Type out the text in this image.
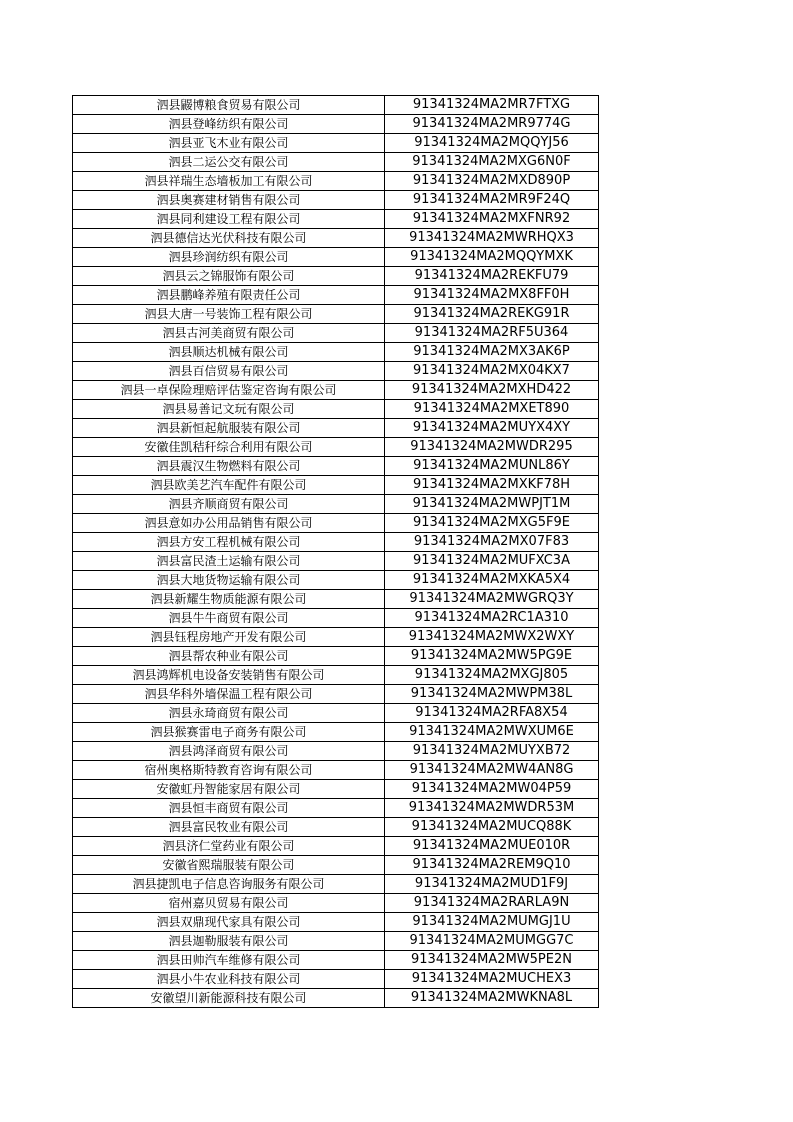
泗县鼹博粮食贸易有限公司	91341324MA2MR7FTXG
泗县登峰纺织有限公司	91341324MA2MR9774G
泗县亚飞木业有限公司	91341324MA2MQQYJ56
泗县二运公交有限公司	91341324MA2MXG6N0F
泗县祥瑞生态墙板加工有限公司	91341324MA2MXD890P
泗县奥赛建材销售有限公司	91341324MA2MR9F24Q
泗县同利建设工程有限公司	91341324MA2MXFNR92
泗县德信达光伏科技有限公司	91341324MA2MWRHQX3
泗县珍润纺织有限公司	91341324MA2MQQYMXK
泗县云之锦服饰有限公司	91341324MA2REKFU79
泗县鹏峰养殖有限责任公司	91341324MA2MX8FF0H
泗县大唐一号装饰工程有限公司	91341324MA2REKG91R
泗县古河美商贸有限公司	91341324MA2RF5U364
泗县顺达机械有限公司	91341324MA2MX3AK6P
泗县百信贸易有限公司	91341324MA2MX04KX7
泗县一卓保险理赔评估鉴定咨询有限公司	91341324MA2MXHD422
泗县易善记文玩有限公司	91341324MA2MXET890
泗县新恒起航服装有限公司	91341324MA2MUYX4XY
安徽佳凯秸秆综合利用有限公司	91341324MA2MWDR295
泗县震汉生物燃料有限公司	91341324MA2MUNL86Y
泗县欧美艺汽车配件有限公司	91341324MA2MXKF78H
泗县齐顺商贸有限公司	91341324MA2MWPJT1M
泗县意如办公用品销售有限公司	91341324MA2MXG5F9E
泗县方安工程机械有限公司	91341324MA2MX07F83
泗县富民渣土运输有限公司	91341324MA2MUFXC3A
泗县大地货物运输有限公司	91341324MA2MXKA5X4
泗县新耀生物质能源有限公司	91341324MA2MWGRQ3Y
泗县牛牛商贸有限公司	91341324MA2RC1A310
泗县钰程房地产开发有限公司	91341324MA2MWX2WXY
泗县帮农种业有限公司	91341324MA2MW5PG9E
泗县鸿辉机电设备安装销售有限公司	91341324MA2MXGJ805
泗县华科外墙保温工程有限公司	91341324MA2MWPM38L
泗县永琦商贸有限公司	91341324MA2RFA8X54
泗县猴赛雷电子商务有限公司	91341324MA2MWXUM6E
泗县鸿泽商贸有限公司	91341324MA2MUYXB72
宿州奥格斯特教育咨询有限公司	91341324MA2MW4AN8G
安徽虹丹智能家居有限公司	91341324MA2MW04P59
泗县恒丰商贸有限公司	91341324MA2MWDR53M
泗县富民牧业有限公司	91341324MA2MUCQ88K
泗县济仁堂药业有限公司	91341324MA2MUE010R
安徽省熙瑞服装有限公司	91341324MA2REM9Q10
泗县捷凯电子信息咨询服务有限公司	91341324MA2MUD1F9J
宿州嘉贝贸易有限公司	91341324MA2RARLA9N
泗县双鼎现代家具有限公司	91341324MA2MUMGJ1U
泗县迦勒服装有限公司	91341324MA2MUMGG7C
泗县田帅汽车维修有限公司	91341324MA2MW5PE2N
泗县小牛农业科技有限公司	91341324MA2MUCHEX3
安徽望川新能源科技有限公司	91341324MA2MWKNA8L
